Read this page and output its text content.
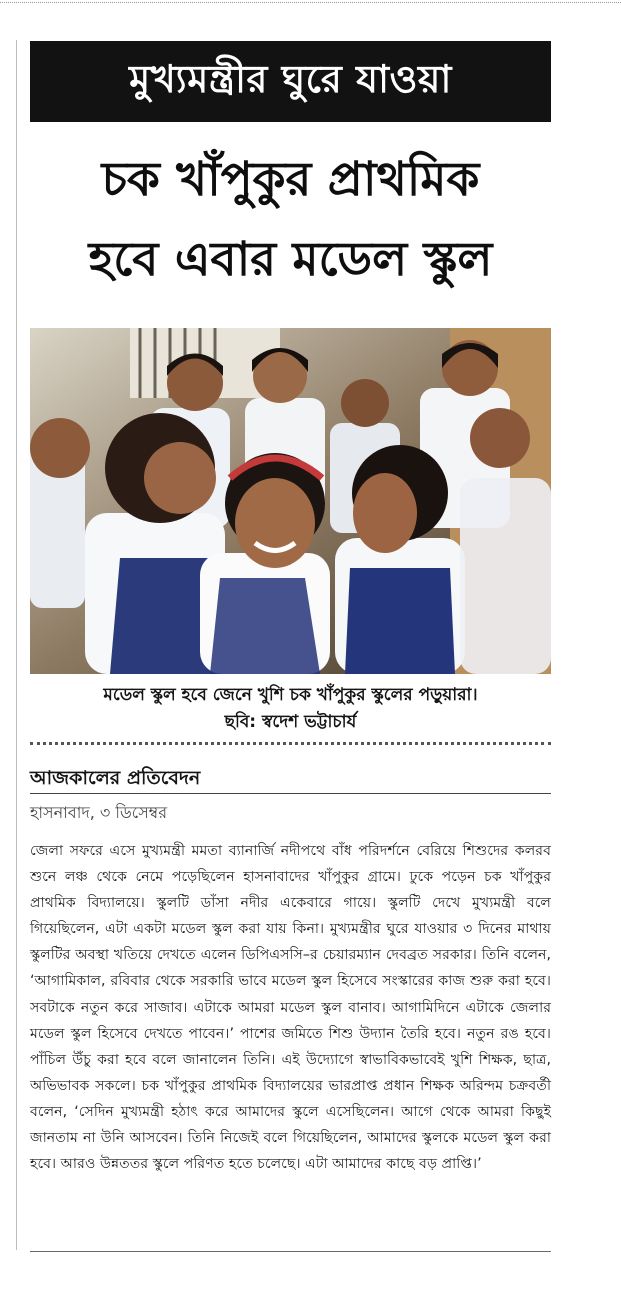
মুখ্যমন্ত্রীর ঘুরে যাওয়া
চক খাঁপুকুর প্রাথমিক
হবে এবার মডেল স্কুল
মডেল স্কুল হবে জেনে খুশি চক খাঁপুকুর স্কুলের পড়ুয়ারা।
ছবি: স্বদেশ ভট্টাচার্য
আজকালের প্রতিবেদন
হাসনাবাদ, ৩ ডিসেম্বর
জেলা সফরে এসে মুখ্যমন্ত্রী মমতা ব্যানার্জি নদীপথে বাঁধ পরিদর্শনে বেরিয়ে শিশুদের কলরব শুনে লঞ্চ থেকে নেমে পড়েছিলেন হাসনাবাদের খাঁপুকুর গ্রামে। ঢুকে পড়েন চক খাঁপুকুর প্রাথমিক বিদ্যালয়ে। স্কুলটি ডাঁসা নদীর একেবারে গায়ে। স্কুলটি দেখে মুখ্যমন্ত্রী বলে গিয়েছিলেন, এটা একটা মডেল স্কুল করা যায় কিনা। মুখ্যমন্ত্রীর ঘুরে যাওয়ার ৩ দিনের মাথায় স্কুলটির অবস্থা খতিয়ে দেখতে এলেন ডিপিএসসি–র চেয়ারম্যান দেবব্রত সরকার। তিনি বলেন, ‘আগামিকাল, রবিবার থেকে সরকারি ভাবে মডেল স্কুল হিসেবে সংস্কারের কাজ শুরু করা হবে। সবটাকে নতুন করে সাজাব। এটাকে আমরা মডেল স্কুল বানাব। আগামিদিনে এটাকে জেলার মডেল স্কুল হিসেবে দেখতে পাবেন।’ পাশের জমিতে শিশু উদ্যান তৈরি হবে। নতুন রঙ হবে। পাঁচিল উঁচু করা হবে বলে জানালেন তিনি। এই উদ্যোগে স্বাভাবিকভাবেই খুশি শিক্ষক, ছাত্র, অভিভাবক সকলে। চক খাঁপুকুর প্রাথমিক বিদ্যালয়ের ভারপ্রাপ্ত প্রধান শিক্ষক অরিন্দম চক্রবর্তী বলেন, ‘সেদিন মুখ্যমন্ত্রী হঠাৎ করে আমাদের স্কুলে এসেছিলেন। আগে থেকে আমরা কিছুই জানতাম না উনি আসবেন। তিনি নিজেই বলে গিয়েছিলেন, আমাদের স্কুলকে মডেল স্কুল করা হবে। আরও উন্নততর স্কুলে পরিণত হতে চলেছে। এটা আমাদের কাছে বড় প্রাপ্তি।’
